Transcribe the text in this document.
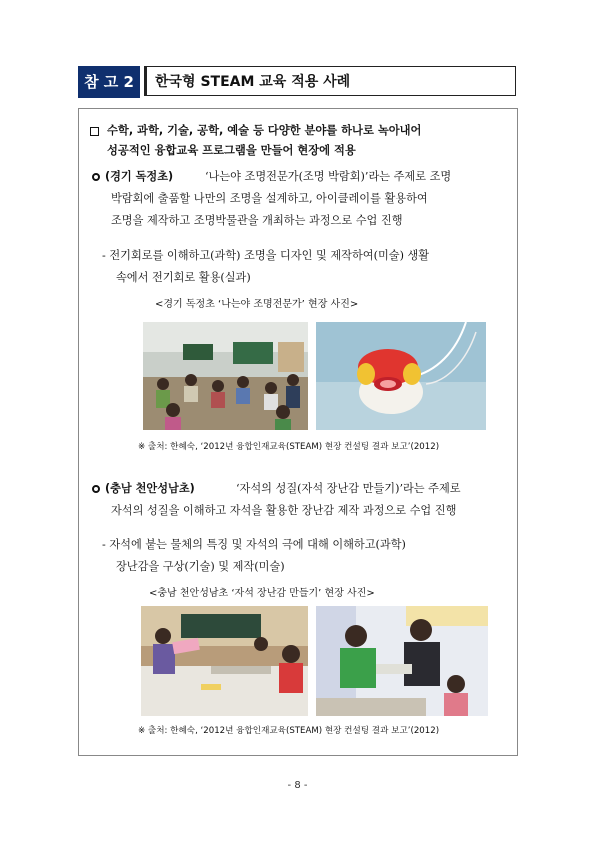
참 고 2	한국형 STEAM 교육 적용 사례
수학, 과학, 기술, 공학, 예술 등 다양한 분야를 하나로 녹아내어
성공적인 융합교육 프로그램을 만들어 현장에 적용
(경기 독정초)	‘나는야 조명전문가(조명 박람회)’라는 주제로 조명
박람회에 출품할 나만의 조명을 설계하고, 아이클레이를 활용하여
조명을 제작하고 조명박물관을 개최하는 과정으로 수업 진행
- 전기회로를 이해하고(과학) 조명을 디자인 및 제작하여(미술) 생활
속에서 전기회로 활용(실과)
<경기 독정초 ‘나는야 조명전문가’ 현장 사진>
※ 출처: 한혜숙, ‘2012년 융합인재교육(STEAM) 현장 컨설팅 결과 보고’(2012)
(충남 천안성남초)	‘자석의 성질(자석 장난감 만들기)’라는 주제로
자석의 성질을 이해하고 자석을 활용한 장난감 제작 과정으로 수업 진행
- 자석에 붙는 물체의 특징 및 자석의 극에 대해 이해하고(과학)
장난감을 구상(기술) 및 제작(미술)
<충남 천안성남초 ‘자석 장난감 만들기’ 현장 사진>
※ 출처: 한혜숙, ‘2012년 융합인재교육(STEAM) 현장 컨설팅 결과 보고’(2012)
- 8 -
